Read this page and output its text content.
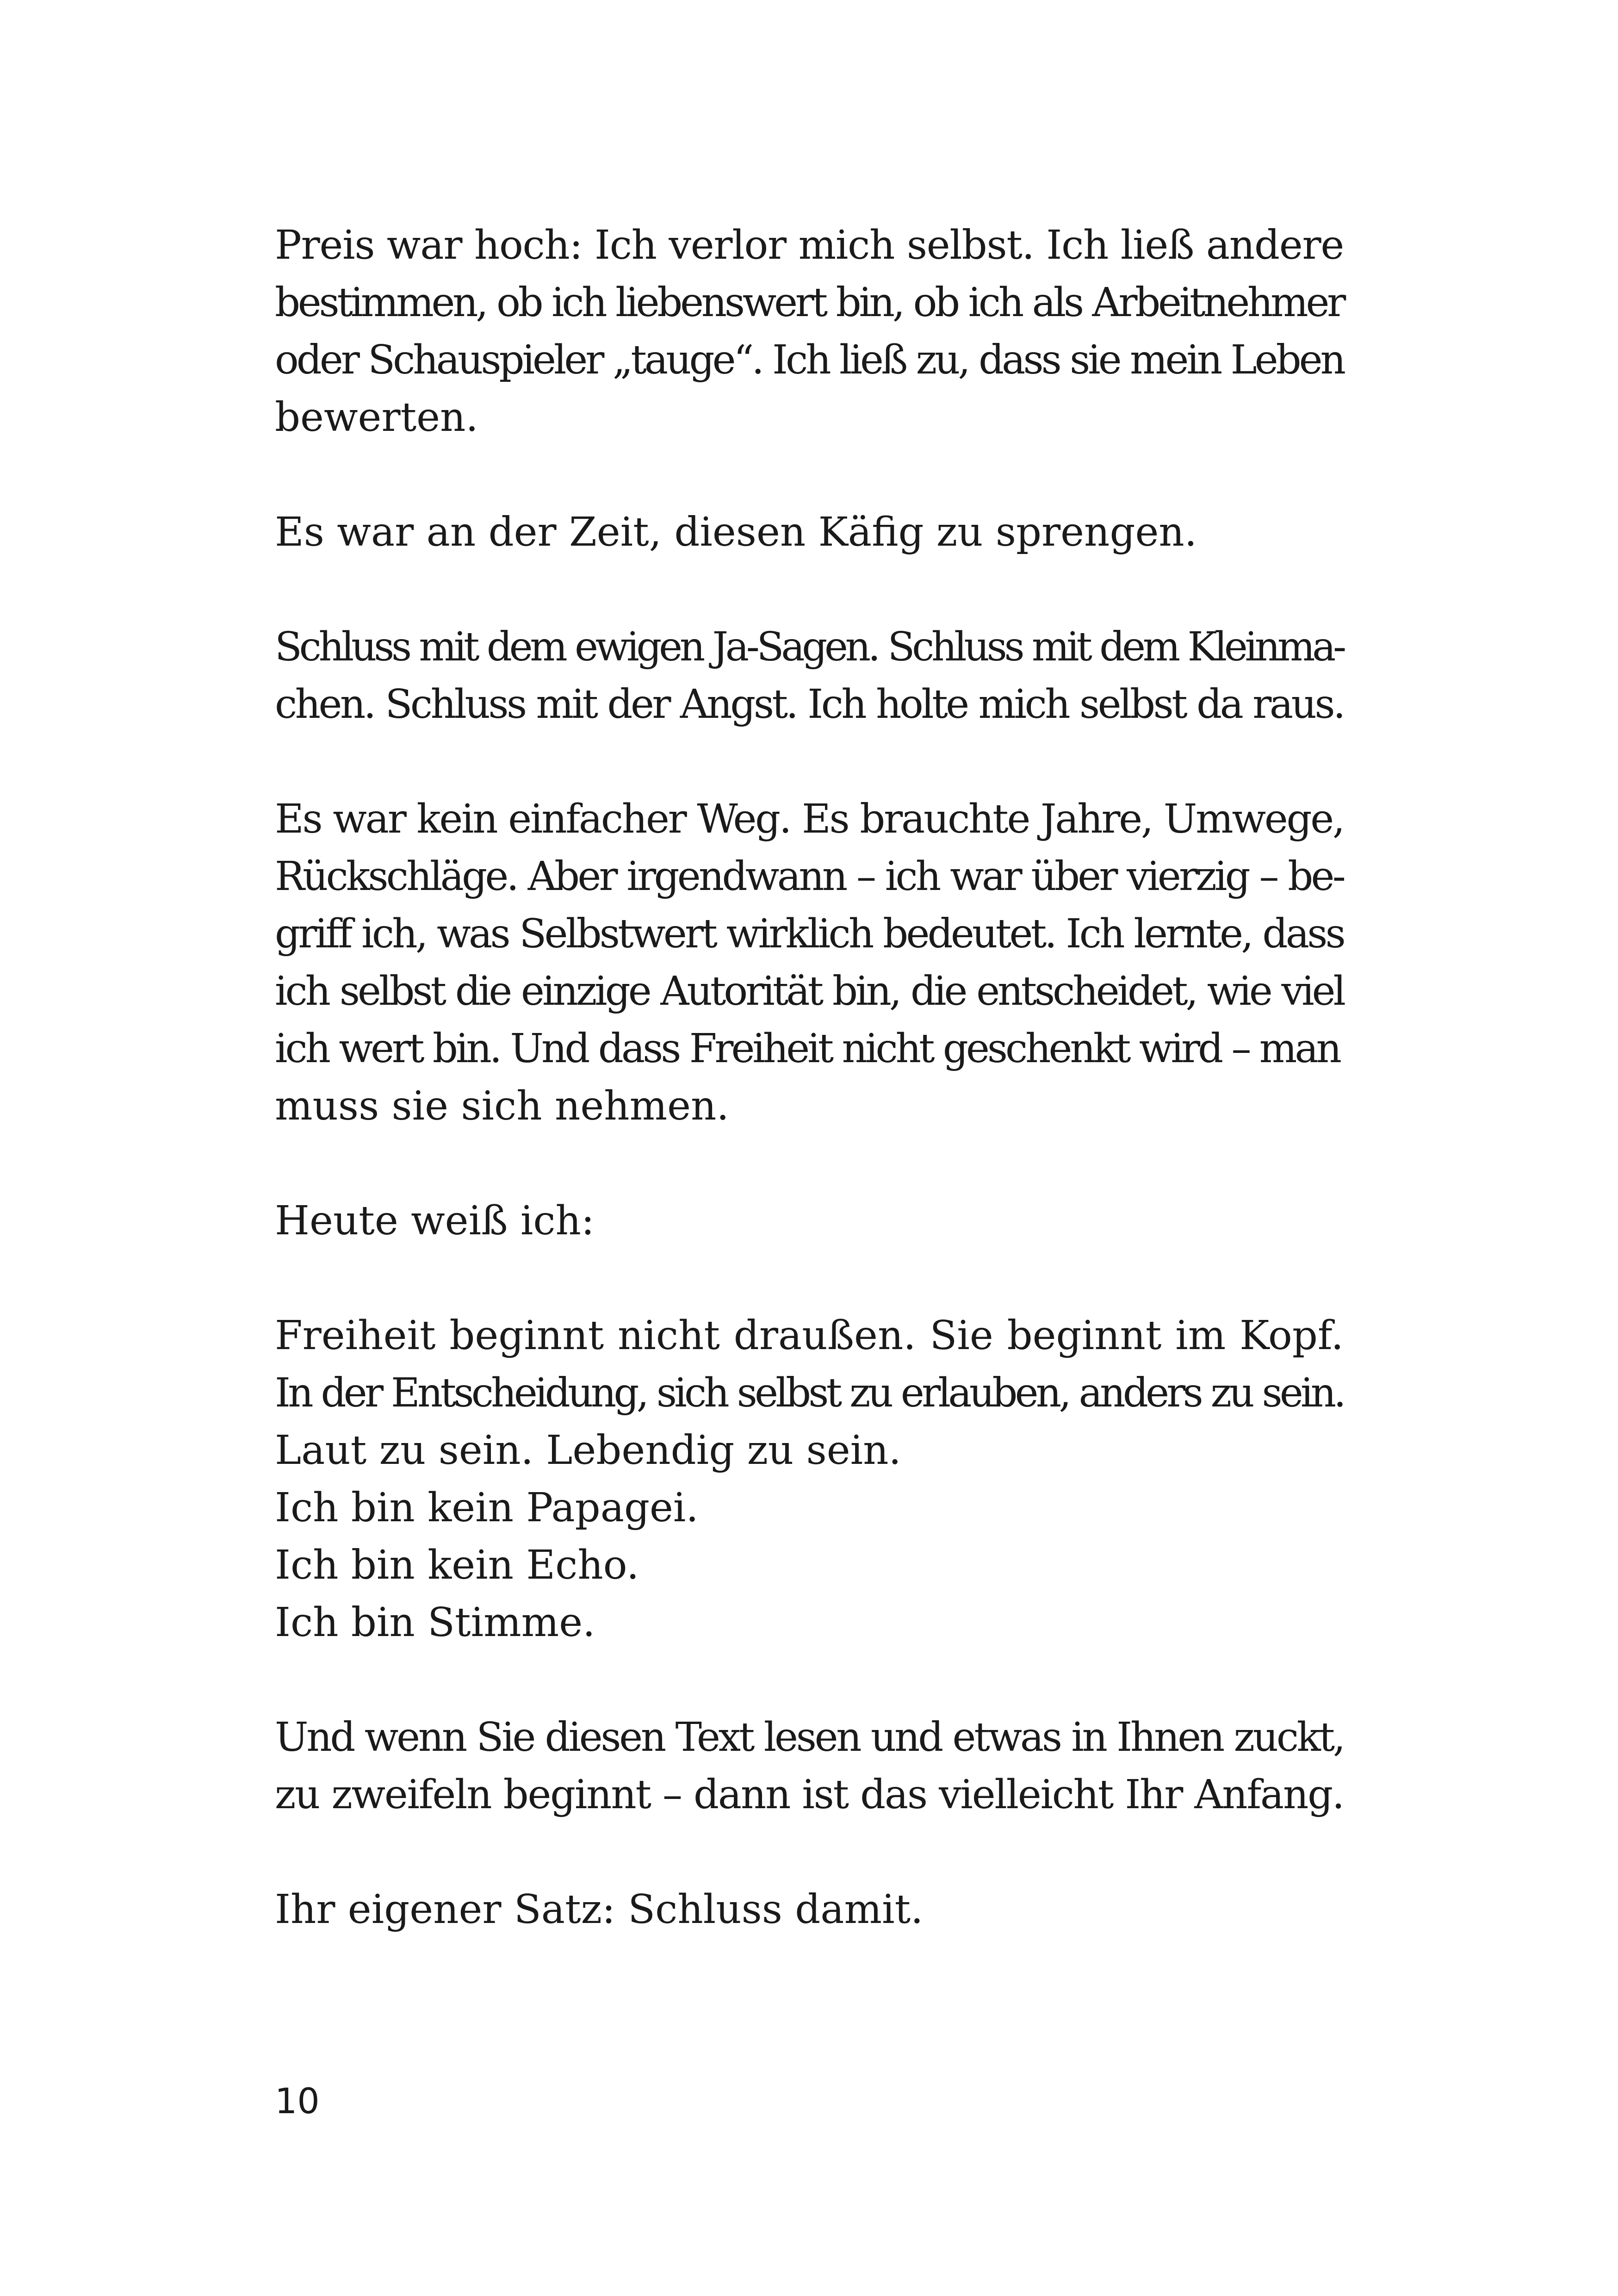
Preis war hoch: Ich verlor mich selbst. Ich ließ andere
bestimmen, ob ich liebenswert bin, ob ich als Arbeitnehmer
oder Schauspieler „tauge“. Ich ließ zu, dass sie mein Leben
bewerten.
Es war an der Zeit, diesen Käfig zu sprengen.
Schluss mit dem ewigen Ja-Sagen. Schluss mit dem Kleinma-
chen. Schluss mit der Angst. Ich holte mich selbst da raus.
Es war kein einfacher Weg. Es brauchte Jahre, Umwege,
Rückschläge. Aber irgendwann – ich war über vierzig – be-
griff ich, was Selbstwert wirklich bedeutet. Ich lernte, dass
ich selbst die einzige Autorität bin, die entscheidet, wie viel
ich wert bin. Und dass Freiheit nicht geschenkt wird – man
muss sie sich nehmen.
Heute weiß ich:
Freiheit beginnt nicht draußen. Sie beginnt im Kopf.
In der Entscheidung, sich selbst zu erlauben, anders zu sein.
Laut zu sein. Lebendig zu sein.
Ich bin kein Papagei.
Ich bin kein Echo.
Ich bin Stimme.
Und wenn Sie diesen Text lesen und etwas in Ihnen zuckt,
zu zweifeln beginnt – dann ist das vielleicht Ihr Anfang.
Ihr eigener Satz: Schluss damit.
10
